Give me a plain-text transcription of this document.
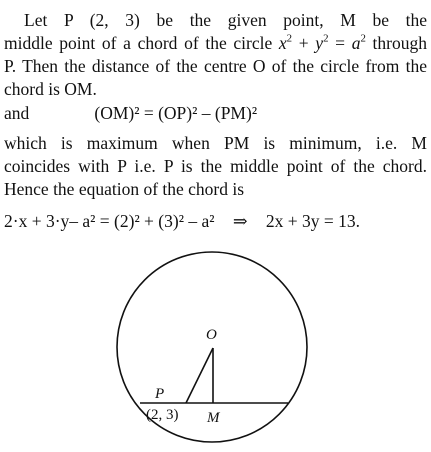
Let P (2, 3) be the given point, M be the
middle point of a chord of the circle $x^2 + y^2 = a^2$ through
P. Then the distance of the centre O of the circle from the
chord is OM.
and	(OM)² = (OP)² – (PM)²
which is maximum when PM is minimum, i.e. M
coincides with P i.e. P is the middle point of the chord.
Hence the equation of the chord is
2·x + 3·y– a² = (2)² + (3)² – a² ⇒ 2x + 3y = 13.
O
P
(2, 3) M
